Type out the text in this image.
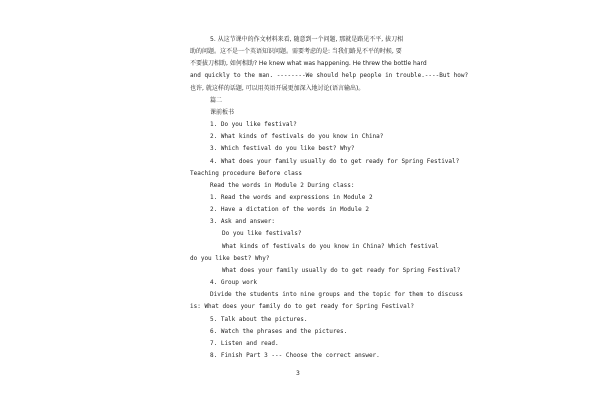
5. 从这节课中的作文材料来看, 随意到一个问题, 那就是路见不平, 拔刀相
助的问题。这不是一个英语知识问题。需要考虑的是: 当我们路见不平的时候, 要
不要拔刀相助, 如何相助? He knew what was happening. He threw the bottle hard
and quickly to the man. --------We should help people in trouble.----But how?
也许, 就这样的话题, 可以用英语开展更加深入地讨论(语言输出)。
篇二
课前板书
1. Do you like festival?
2. What kinds of festivals do you know in China?
3. Which festival do you like best? Why?
4. What does your family usually do to get ready for Spring Festival?
Teaching procedure Before class
Read the words in Module 2 During class:
1. Read the words and expressions in Module 2
2. Have a dictation of the words in Module 2
3. Ask and answer:
Do you like festivals?
What kinds of festivals do you know in China? Which festival
do you like best? Why?
What does your family usually do to get ready for Spring Festival?
4. Group work
Divide the students into nine groups and the topic for them to discuss
is: What does your family do to get ready for Spring Festival?
5. Talk about the pictures.
6. Watch the phrases and the pictures.
7. Listen and read.
8. Finish Part 3 --- Choose the correct answer.
3
